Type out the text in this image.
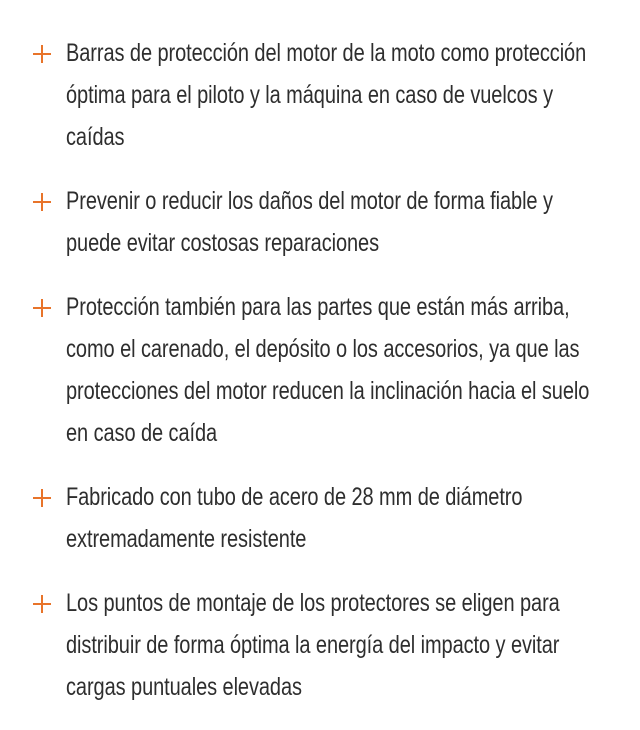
Barras de protección del motor de la moto como protección
óptima para el piloto y la máquina en caso de vuelcos y
caídas
Prevenir o reducir los daños del motor de forma fiable y
puede evitar costosas reparaciones
Protección también para las partes que están más arriba,
como el carenado, el depósito o los accesorios, ya que las
protecciones del motor reducen la inclinación hacia el suelo
en caso de caída
Fabricado con tubo de acero de 28 mm de diámetro
extremadamente resistente
Los puntos de montaje de los protectores se eligen para
distribuir de forma óptima la energía del impacto y evitar
cargas puntuales elevadas
